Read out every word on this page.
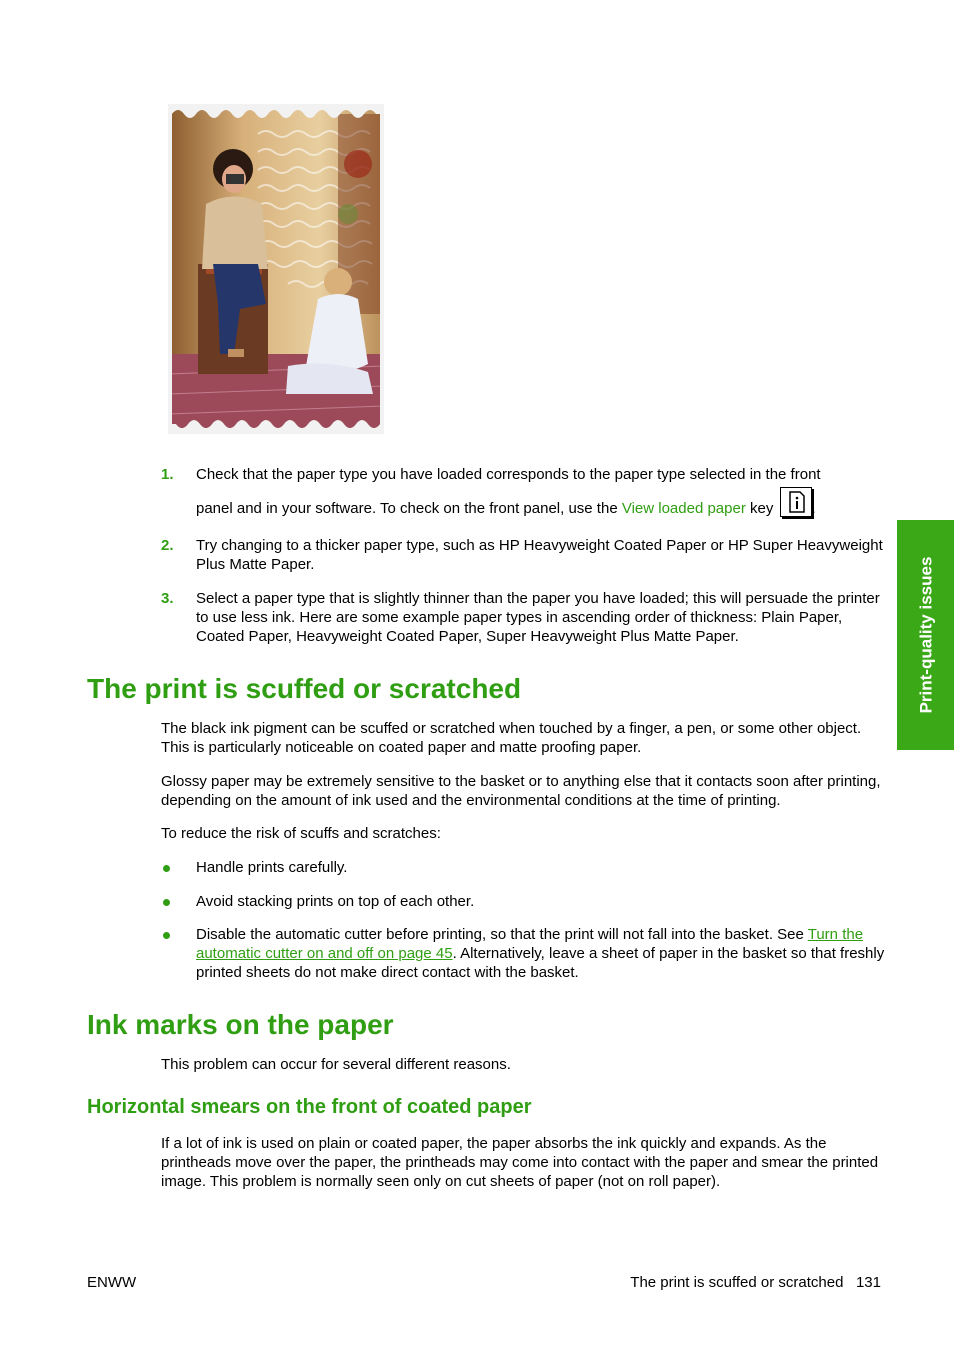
1. Check that the paper type you have loaded corresponds to the paper type selected in the front
panel and in your software. To check on the front panel, use the View loaded paper key	.
2. Try changing to a thicker paper type, such as HP Heavyweight Coated Paper or HP Super Heavyweight Plus Matte Paper.
3. Select a paper type that is slightly thinner than the paper you have loaded; this will persuade the printer to use less ink. Here are some example paper types in ascending order of thickness: Plain Paper, Coated Paper, Heavyweight Coated Paper, Super Heavyweight Plus Matte Paper.
The print is scuffed or scratched
The black ink pigment can be scuffed or scratched when touched by a finger, a pen, or some other object. This is particularly noticeable on coated paper and matte proofing paper.
Glossy paper may be extremely sensitive to the basket or to anything else that it contacts soon after printing, depending on the amount of ink used and the environmental conditions at the time of printing.
To reduce the risk of scuffs and scratches:
Handle prints carefully.
Avoid stacking prints on top of each other.
Disable the automatic cutter before printing, so that the print will not fall into the basket. See Turn the automatic cutter on and off on page 45. Alternatively, leave a sheet of paper in the basket so that freshly printed sheets do not make direct contact with the basket.
Ink marks on the paper
This problem can occur for several different reasons.
Horizontal smears on the front of coated paper
If a lot of ink is used on plain or coated paper, the paper absorbs the ink quickly and expands. As the printheads move over the paper, the printheads may come into contact with the paper and smear the printed image. This problem is normally seen only on cut sheets of paper (not on roll paper).
Print-quality issues
ENWW	The print is scuffed or scratched 131
